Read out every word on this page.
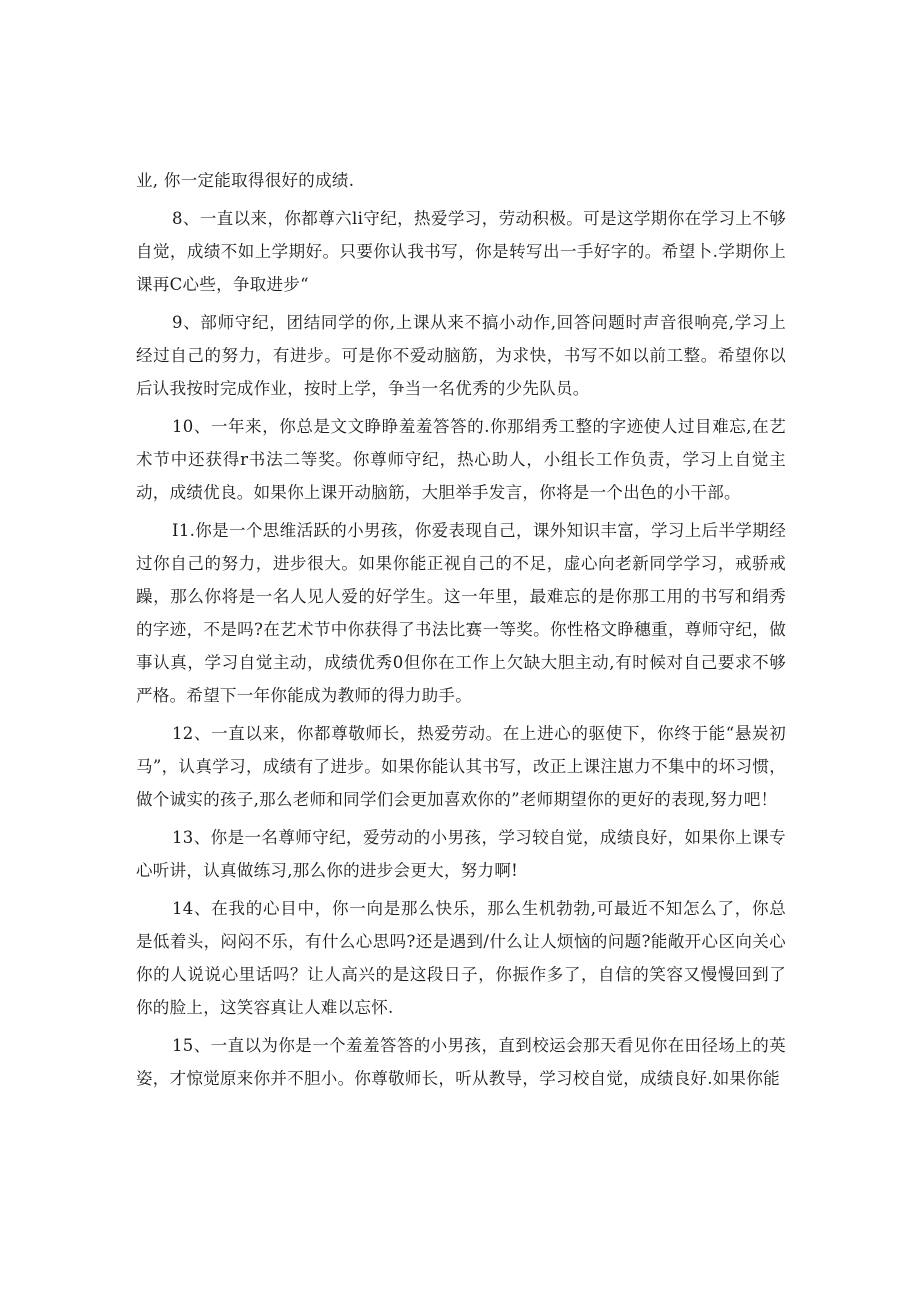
业, 你一定能取得很好的成绩.

8、一直以来，你都尊六li守纪，热爱学习，劳动积极。可是这学期你在学习上不够自觉，成绩不如上学期好。只要你认我书写，你是转写出一手好字的。希望卜.学期你上课再C心些，争取进步“

9、部师守纪，团结同学的你,上课从来不搞小动作,回答问题时声音很响亮,学习上经过自己的努力，有进步。可是你不爱动脑筋，为求快，书写不如以前工整。希望你以后认我按时完成作业，按时上学，争当一名优秀的少先队员。

10、一年来，你总是文文睁睁羞羞答答的.你那绢秀工整的字迹使人过目难忘,在艺术节中还获得r书法二等奖。你尊师守纪，热心助人，小组长工作负责，学习上自觉主动，成绩优良。如果你上课开动脑筋，大胆举手发言，你将是一个出色的小干部。

I1.你是一个思维活跃的小男孩，你爱表现自己，课外知识丰富，学习上后半学期经过你自己的努力，进步很大。如果你能正视自己的不足，虚心向老新同学学习，戒骄戒躁，那么你将是一名人见人爱的好学生。这一年里，最难忘的是你那工用的书写和绢秀的字迹，不是吗?在艺术节中你获得了书法比赛一等奖。你性格文睁穗重，尊师守纪，做事认真，学习自觉主动，成绩优秀0但你在工作上欠缺大胆主动,有时候对自己要求不够严格。希望下一年你能成为教师的得力助手。

12、一直以来，你都尊敬师长，热爱劳动。在上进心的驱使下，你终于能“悬炭初马”，认真学习，成绩有了进步。如果你能认其书写，改正上课注崽力不集中的坏习惯，做个诚实的孩子,那么老师和同学们会更加喜欢你的”老师期望你的更好的表现,努力吧！

13、你是一名尊师守纪，爱劳动的小男孩，学习较自觉，成绩良好，如果你上课专心听讲，认真做练习,那么你的进步会更大，努力啊!

14、在我的心目中，你一向是那么快乐，那么生机勃勃,可最近不知怎么了，你总是低着头，闷闷不乐，有什么心思吗?还是遇到/什么让人烦恼的问题?能敞开心区向关心你的人说说心里话吗？让人高兴的是这段日子，你振作多了，自信的笑容又慢慢回到了你的脸上，这笑容真让人难以忘怀.

15、一直以为你是一个羞羞答答的小男孩，直到校运会那天看见你在田径场上的英姿，才惊觉原来你并不胆小。你尊敬师长，听从教导，学习校自觉，成绩良好.如果你能
